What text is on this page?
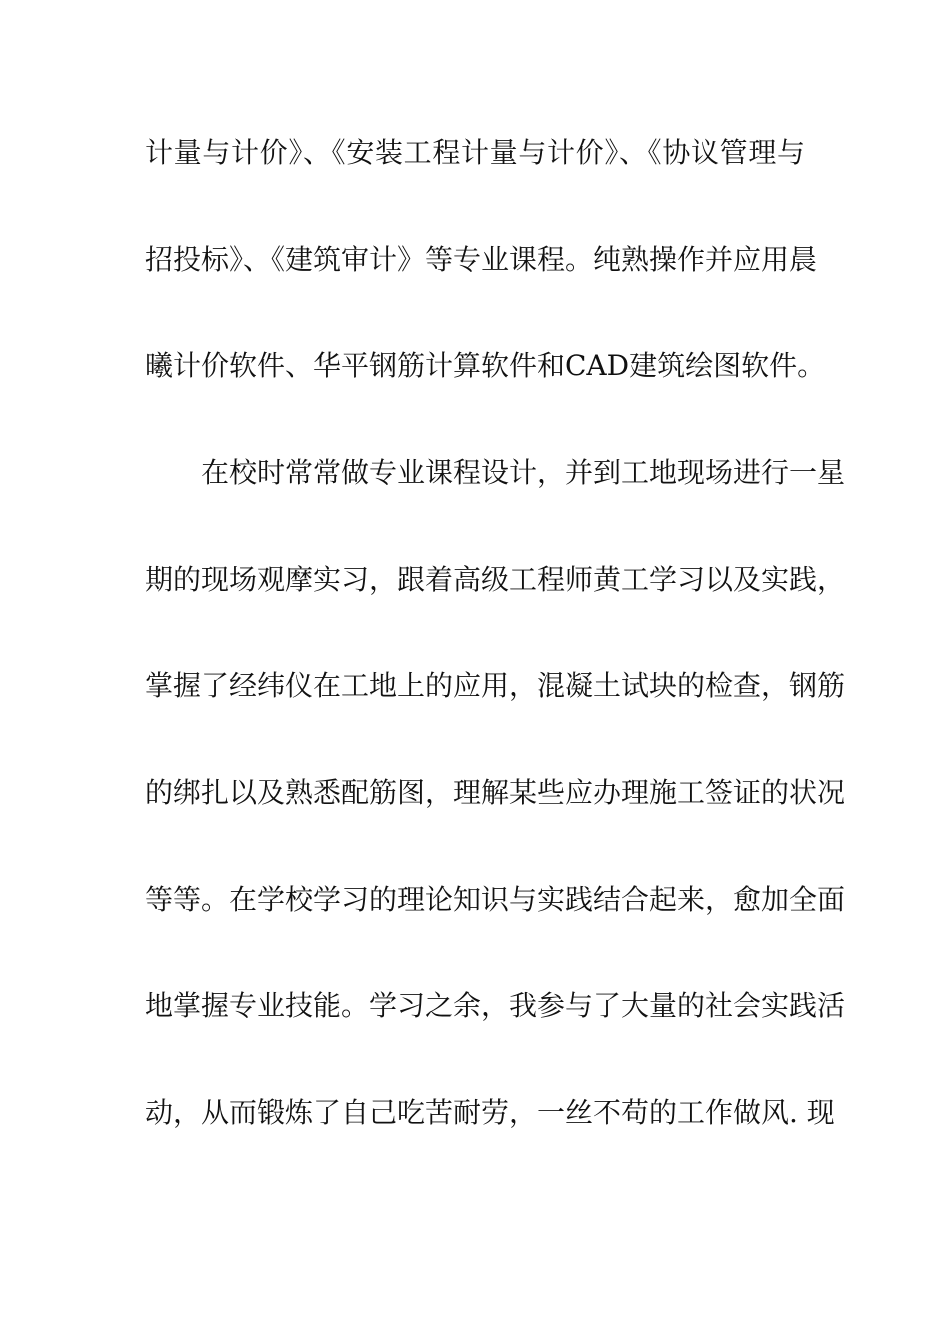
计量与计价》、《安装工程计量与计价》、《协议管理与
招投标》、《建筑审计》等专业课程。纯熟操作并应用晨
曦计价软件、华平钢筋计算软件和CAD建筑绘图软件。
在校时常常做专业课程设计，并到工地现场进行一星
期的现场观摩实习，跟着高级工程师黄工学习以及实践，
掌握了经纬仪在工地上的应用，混凝土试块的检查，钢筋
的绑扎以及熟悉配筋图，理解某些应办理施工签证的状况
等等。在学校学习的理论知识与实践结合起来，愈加全面
地掌握专业技能。学习之余，我参与了大量的社会实践活
动，从而锻炼了自己吃苦耐劳，一丝不苟的工作做风. 现
